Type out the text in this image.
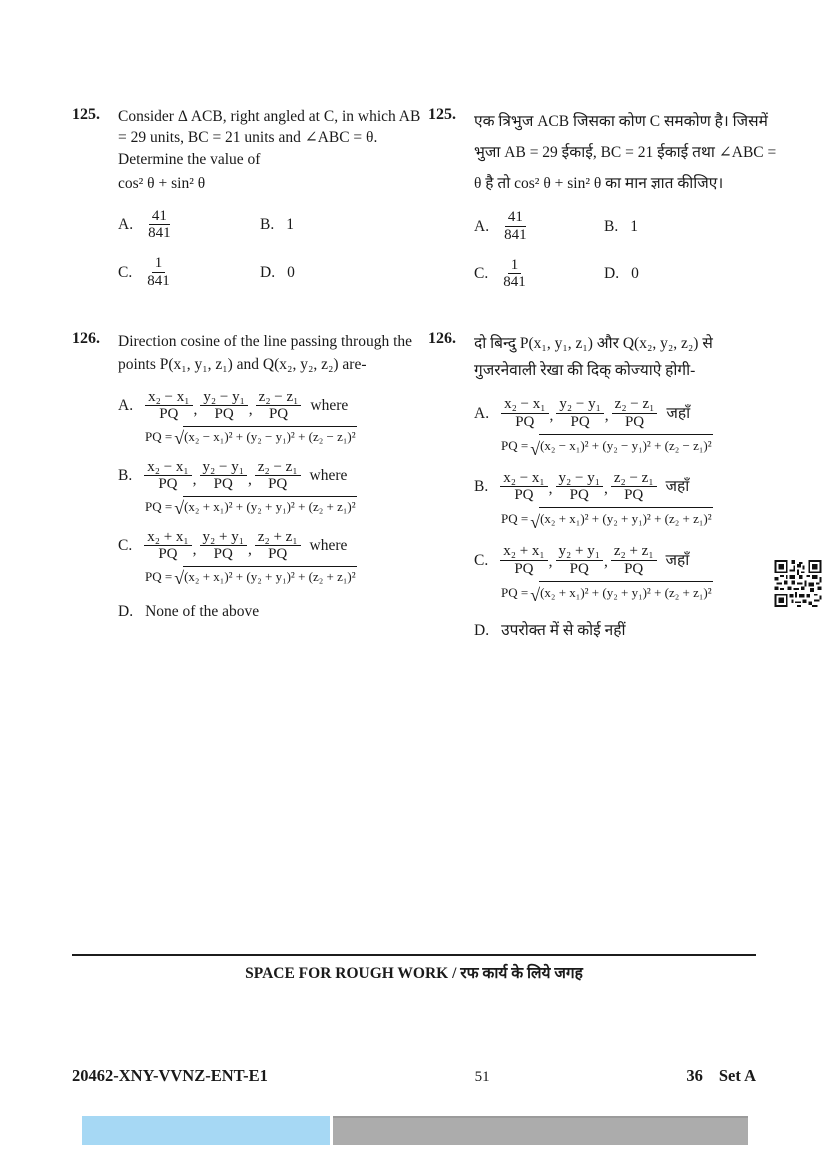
125.	Consider Δ ACB, right angled at C, in which AB = 29 units, BC = 21 units and ∠ABC = θ. Determine the value of
cos² θ + sin² θ
A. $\frac{41}{841}$	B. 1
C. $\frac{1}{841}$	D. 0
125.	एक त्रिभुज ACB जिसका कोण C समकोण है। जिसमें भुजा AB = 29 ईकाई, BC = 21 ईकाई तथा ∠ABC = θ है तो cos² θ + sin² θ का मान ज्ञात कीजिए।
A. $\frac{41}{841}$	B. 1
C. $\frac{1}{841}$	D. 0
126.	Direction cosine of the line passing through the points P(x₁, y₁, z₁) and Q(x₂, y₂, z₂) are-
A. $\frac{\text{x₂ − x₁}}{PQ}$ , $\frac{\text{y₂ − y₁}}{PQ}$ , $\frac{\text{z₂ − z₁}}{PQ}$ where
PQ = √ (x₂ − x₁)² + (y₂ − y₁)² + (z₂ − z₁)²
B. $\frac{\text{x₂ − x₁}}{PQ}$ , $\frac{\text{y₂ − y₁}}{PQ}$ , $\frac{\text{z₂ − z₁}}{PQ}$ where
PQ = √ (x₂ + x₁)² + (y₂ + y₁)² + (z₂ + z₁)²
C. $\frac{\text{x₂ + x₁}}{PQ}$ , $\frac{\text{y₂ + y₁}}{PQ}$ , $\frac{\text{z₂ + z₁}}{PQ}$ where
PQ = √ (x₂ + x₁)² + (y₂ + y₁)² + (z₂ + z₁)²
D. None of the above
126.	दो बिन्दु P(x₁, y₁, z₁) और Q(x₂, y₂, z₂) से गुजरनेवाली रेखा की दिक् कोज्याऐ होगी-
A. $\frac{\text{x₂ − x₁}}{PQ}$ , $\frac{\text{y₂ − y₁}}{PQ}$ , $\frac{\text{z₂ − z₁}}{PQ}$ जहाँ
PQ = √ (x₂ − x₁)² + (y₂ − y₁)² + (z₂ − z₁)²
B. $\frac{\text{x₂ − x₁}}{PQ}$ , $\frac{\text{y₂ − y₁}}{PQ}$ , $\frac{\text{z₂ − z₁}}{PQ}$ जहाँ
PQ = √ (x₂ + x₁)² + (y₂ + y₁)² + (z₂ + z₁)²
C. $\frac{\text{x₂ + x₁}}{PQ}$ , $\frac{\text{y₂ + y₁}}{PQ}$ , $\frac{\text{z₂ + z₁}}{PQ}$ जहाँ
PQ = √ (x₂ + x₁)² + (y₂ + y₁)² + (z₂ + z₁)²
D. उपरोक्त में से कोई नहीं
SPACE FOR ROUGH WORK / रफ कार्य के लिये जगह
20462-XNY-VVNZ-ENT-E1	51	36 Set A
